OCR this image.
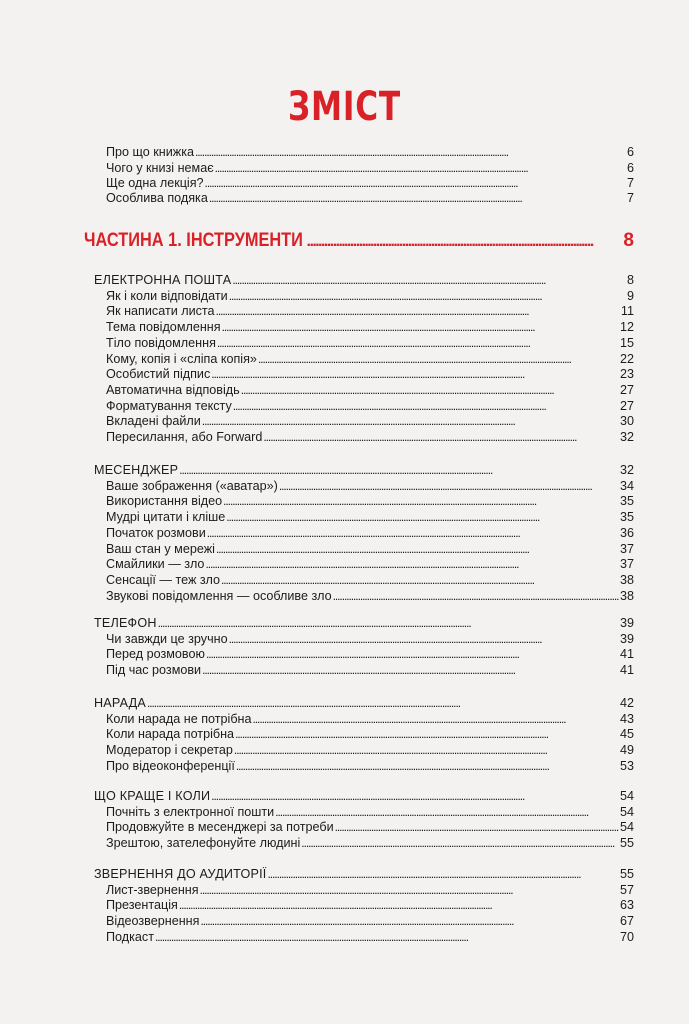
ЗМІСТ
Про що книжка . . .	6
Чого у книзі немає . . .	6
Ще одна лекція? . . .	7
Особлива подяка . . .	7
ЧАСТИНА 1. ІНСТРУМЕНТИ . . .	8
ЕЛЕКТРОННА ПОШТА . . .	8
Як і коли відповідати . . .	9
Як написати листа . . .	11
Тема повідомлення . . .	12
Тіло повідомлення . . .	15
Кому, копія і «сліпа копія» . . .	22
Особистий підпис . . .	23
Автоматична відповідь . . .	27
Форматування тексту . . .	27
Вкладені файли . . .	30
Пересилання, або Forward . . .	32
МЕСЕНДЖЕР . . .	32
Ваше зображення («аватар») . . .	34
Використання відео . . .	35
Мудрі цитати і кліше . . .	35
Початок розмови . . .	36
Ваш стан у мережі . . .	37
Смайлики — зло . . .	37
Сенсації — теж зло . . .	38
Звукові повідомлення — особливе зло . . .	38
ТЕЛЕФОН . . .	39
Чи завжди це зручно . . .	39
Перед розмовою . . .	41
Під час розмови . . .	41
НАРАДА . . .	42
Коли нарада не потрібна . . .	43
Коли нарада потрібна . . .	45
Модератор і секретар . . .	49
Про відеоконференції . . .	53
ЩО КРАЩЕ І КОЛИ . . .	54
Почніть з електронної пошти . . .	54
Продовжуйте в месенджері за потреби . . .	54
Зрештою, зателефонуйте людині . . .	55
ЗВЕРНЕННЯ ДО АУДИТОРІЇ . . .	55
Лист-звернення . . .	57
Презентація . . .	63
Відеозвернення . . .	67
Подкаст . . .	70
